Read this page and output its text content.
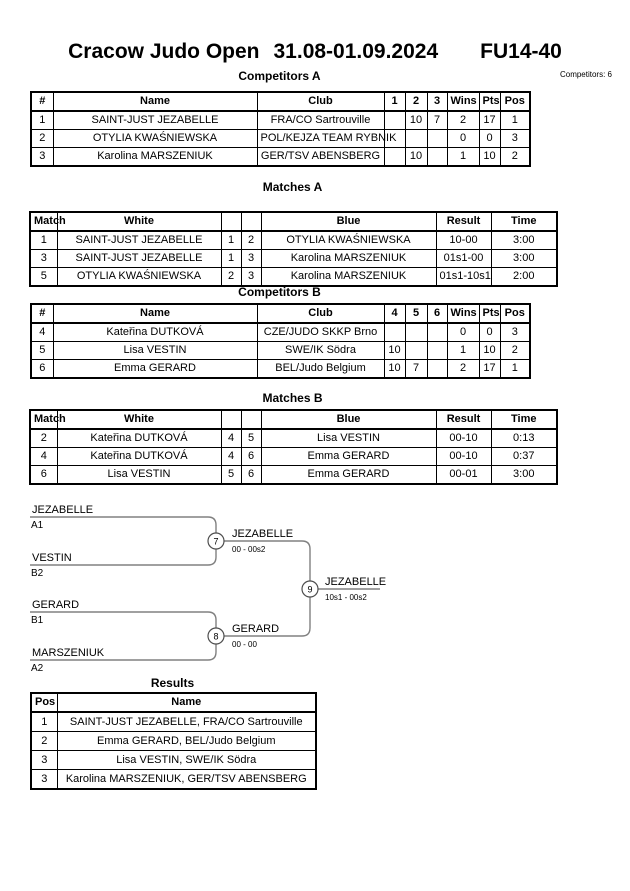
Cracow Judo Open 31.08-01.09.2024 FU14-40
Competitors: 6
Competitors A
#	Name	Club	1	2	3	Wins	Pts	Pos
1	SAINT-JUST JEZABELLE	FRA/CO Sartrouville		10	7	2	17	1
2	OTYLIA KWAŚNIEWSKA	POL/KEJZA TEAM RYBNIK				0	0	3
3	Karolina MARSZENIUK	GER/TSV ABENSBERG		10		1	10	2
Matches A
Match	White			Blue	Result	Time
1	SAINT-JUST JEZABELLE	1	2	OTYLIA KWAŚNIEWSKA	10-00	3:00
3	SAINT-JUST JEZABELLE	1	3	Karolina MARSZENIUK	01s1-00	3:00
5	OTYLIA KWAŚNIEWSKA	2	3	Karolina MARSZENIUK	01s1-10s1	2:00
Competitors B
#	Name	Club	4	5	6	Wins	Pts	Pos
4	Kateřina DUTKOVÁ	CZE/JUDO SKKP Brno				0	0	3
5	Lisa VESTIN	SWE/IK Södra	10			1	10	2
6	Emma GERARD	BEL/Judo Belgium	10	7		2	17	1
Matches B
Match	White			Blue	Result	Time
2	Kateřina DUTKOVÁ	4	5	Lisa VESTIN	00-10	0:13
4	Kateřina DUTKOVÁ	4	6	Emma GERARD	00-10	0:37
6	Lisa VESTIN	5	6	Emma GERARD	00-01	3:00
JEZABELLE
A1
VESTIN
B2
GERARD
B1
MARSZENIUK
A2
7
JEZABELLE
00 - 00s2
8
GERARD
00 - 00
9
JEZABELLE
10s1 - 00s2
Results
Pos	Name
1	SAINT-JUST JEZABELLE, FRA/CO Sartrouville
2	Emma GERARD, BEL/Judo Belgium
3	Lisa VESTIN, SWE/IK Södra
3	Karolina MARSZENIUK, GER/TSV ABENSBERG
